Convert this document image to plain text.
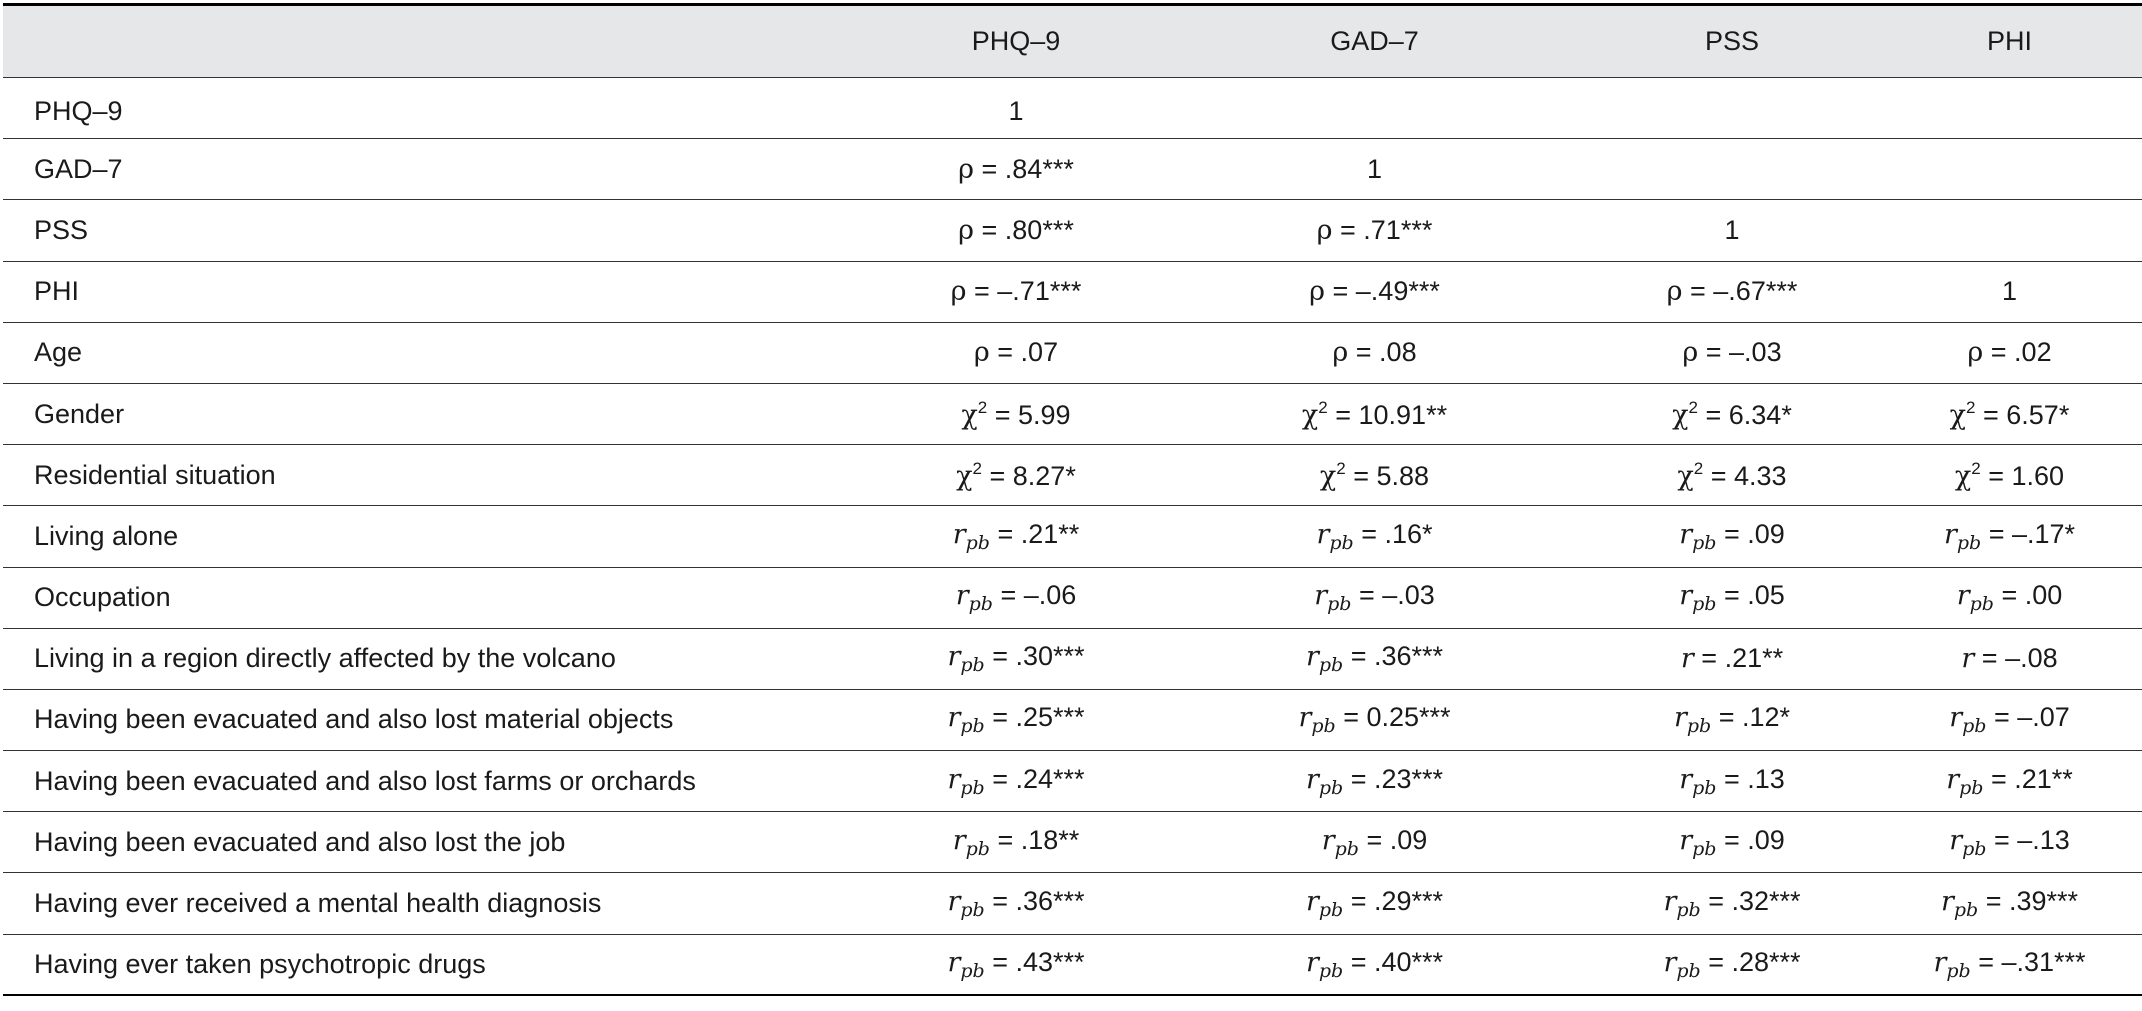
	PHQ–9	GAD–7	PSS	PHI
PHQ–9	1			
GAD–7	ρ = .84***	1		
PSS	ρ = .80***	ρ = .71***	1	
PHI	ρ = –.71***	ρ = –.49***	ρ = –.67***	1
Age	ρ = .07	ρ = .08	ρ = –.03	ρ = .02
Gender	$\chi^2 = 5.99$	$\chi^2 = 10.91**$	$\chi^2 = 6.34*$	$\chi^2 = 6.57*$
Residential situation	$\chi^2 = 8.27*$	$\chi^2 = 5.88$	$\chi^2 = 4.33$	$\chi^2 = 1.60$
Living alone	$r_{pb} = .21**$	$r_{pb} = .16*$	$r_{pb} = .09$	$r_{pb} = -.17*$
Occupation	$r_{pb} = -.06$	$r_{pb} = -.03$	$r_{pb} = .05$	$r_{pb} = .00$
Living in a region directly affected by the volcano	$r_{pb} = .30***$	$r_{pb} = .36***$	r = .21**	r = –.08
Having been evacuated and also lost material objects	$r_{pb} = .25***$	$r_{pb} = 0.25***$	$r_{pb} = .12*$	$r_{pb} = -.07$
Having been evacuated and also lost farms or orchards	$r_{pb} = .24***$	$r_{pb} = .23***$	$r_{pb} = .13$	$r_{pb} = .21**$
Having been evacuated and also lost the job	$r_{pb} = .18**$	$r_{pb} = .09$	$r_{pb} = .09$	$r_{pb} = -.13$
Having ever received a mental health diagnosis	$r_{pb} = .36***$	$r_{pb} = .29***$	$r_{pb} = .32***$	$r_{pb} = .39***$
Having ever taken psychotropic drugs	$r_{pb} = .43***$	$r_{pb} = .40***$	$r_{pb} = .28***$	$r_{pb} = -.31***$
